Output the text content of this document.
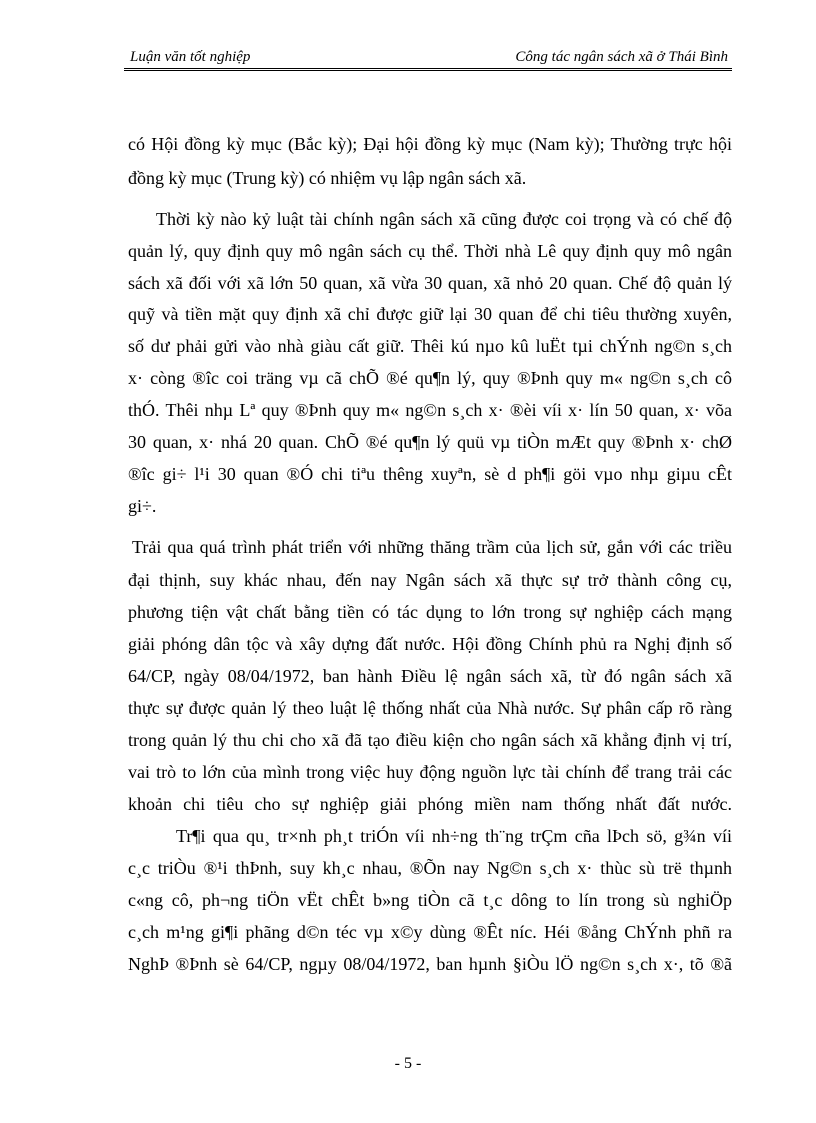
Luận văn tốt nghiệp	Công tác ngân sách xã ở Thái Bình
có Hội đồng kỳ mục (Bắc kỳ); Đại hội đồng kỳ mục (Nam kỳ); Thường trực hội
đồng kỳ mục (Trung kỳ) có nhiệm vụ lập ngân sách xã.
Thời kỳ nào kỷ luật tài chính ngân sách xã cũng được coi trọng và có chế độ
quản lý, quy định quy mô ngân sách cụ thể. Thời nhà Lê quy định quy mô ngân
sách xã đối với xã lớn 50 quan, xã vừa 30 quan, xã nhỏ 20 quan. Chế độ quản lý
quỹ và tiền mặt quy định xã chỉ được giữ lại 30 quan để chi tiêu thường xuyên,
số dư phải gửi vào nhà giàu cất giữ. Thêi kú nµo kû luËt tµi chÝnh ng©n s¸ch
x· còng ®îc coi träng vµ cã chÕ ®é qu¶n lý, quy ®Þnh quy m« ng©n s¸ch cô
thÓ. Thêi nhµ Lª quy ®Þnh quy m« ng©n s¸ch x· ®èi víi x· lín 50 quan, x· võa
30 quan, x· nhá 20 quan. ChÕ ®é qu¶n lý quü vµ tiÒn mÆt quy ®Þnh x· chØ
®îc gi÷ l¹i 30 quan ®Ó chi tiªu thêng xuyªn, sè d ph¶i göi vµo nhµ giµu cÊt
gi÷.
Trải qua quá trình phát triển với những thăng trầm của lịch sử, gắn với các triều
đại thịnh, suy khác nhau, đến nay Ngân sách xã thực sự trở thành công cụ,
phương tiện vật chất bằng tiền có tác dụng to lớn trong sự nghiệp cách mạng
giải phóng dân tộc và xây dựng đất nước. Hội đồng Chính phủ ra Nghị định số
64/CP, ngày 08/04/1972, ban hành Điều lệ ngân sách xã, từ đó ngân sách xã
thực sự được quản lý theo luật lệ thống nhất của Nhà nước. Sự phân cấp rõ ràng
trong quản lý thu chi cho xã đã tạo điều kiện cho ngân sách xã khẳng định vị trí,
vai trò to lớn của mình trong việc huy động nguồn lực tài chính để trang trải các
khoản chi tiêu cho sự nghiệp giải phóng miền nam thống nhất đất nước.
Tr¶i qua qu¸ tr×nh ph¸t triÓn víi nh÷ng th¨ng trÇm cña lÞch sö, g¾n víi
c¸c triÒu ®¹i thÞnh, suy kh¸c nhau, ®Õn nay Ng©n s¸ch x· thùc sù trë thµnh
c«ng cô, ph¬ng tiÖn vËt chÊt b»ng tiÒn cã t¸c dông to lín trong sù nghiÖp
c¸ch m¹ng gi¶i phãng d©n téc vµ x©y dùng ®Êt níc. Héi ®ång ChÝnh phñ ra
NghÞ ®Þnh sè 64/CP, ngµy 08/04/1972, ban hµnh §iÒu lÖ ng©n s¸ch x·, tõ ®ã
- 5 -
